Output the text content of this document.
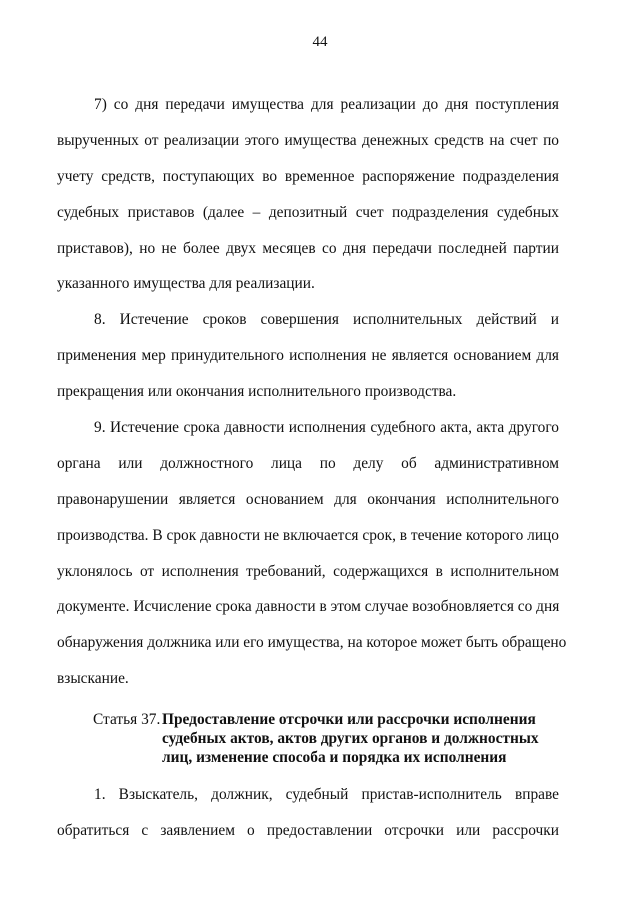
44
7) со дня передачи имущества для реализации до дня поступления
вырученных от реализации этого имущества денежных средств на счет по
учету средств, поступающих во временное распоряжение подразделения
судебных приставов (далее – депозитный счет подразделения судебных
приставов), но не более двух месяцев со дня передачи последней партии
указанного имущества для реализации.
8. Истечение сроков совершения исполнительных действий и
применения мер принудительного исполнения не является основанием для
прекращения или окончания исполнительного производства.
9. Истечение срока давности исполнения судебного акта, акта другого
органа или должностного лица по делу об административном
правонарушении является основанием для окончания исполнительного
производства. В срок давности не включается срок, в течение которого лицо
уклонялось от исполнения требований, содержащихся в исполнительном
документе. Исчисление срока давности в этом случае возобновляется со дня
обнаружения должника или его имущества, на которое может быть обращено
взыскание.
Статья 37. Предоставление отсрочки или рассрочки исполнения
судебных актов, актов других органов и должностных
лиц, изменение способа и порядка их исполнения
1. Взыскатель, должник, судебный пристав-исполнитель вправе
обратиться с заявлением о предоставлении отсрочки или рассрочки
